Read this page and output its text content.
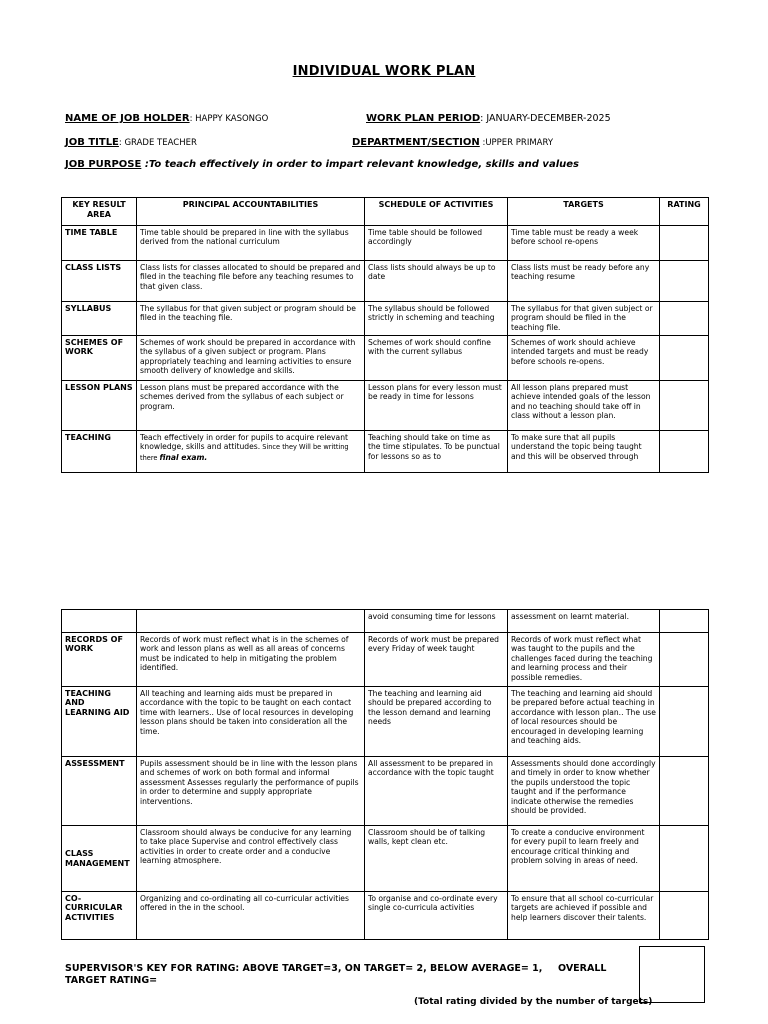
INDIVIDUAL WORK PLAN
NAME OF JOB HOLDER: HAPPY KASONGO	WORK PLAN PERIOD: JANUARY-DECEMBER-2025
JOB TITLE: GRADE TEACHER	DEPARTMENT/SECTION :UPPER PRIMARY
JOB PURPOSE :To teach effectively in order to impart relevant knowledge, skills and values
KEY RESULT AREA	PRINCIPAL ACCOUNTABILITIES	SCHEDULE OF ACTIVITIES	TARGETS	RATING
TIME TABLE	Time table should be prepared in line with the syllabus derived from the national curriculum	Time table should be followed accordingly	Time table must be ready a week before school re-opens	
CLASS LISTS	Class lists for classes allocated to should be prepared and filed in the teaching file before any teaching resumes to that given class.	Class lists should always be up to date	Class lists must be ready before any teaching resume	
SYLLABUS	The syllabus for that given subject or program should be filed in the teaching file.	The syllabus should be followed strictly in scheming and teaching	The syllabus for that given subject or program should be filed in the teaching file.	
SCHEMES OF WORK	Schemes of work should be prepared in accordance with the syllabus of a given subject or program. Plans appropriately teaching and learning activities to ensure smooth delivery of knowledge and skills.	Schemes of work should confine with the current syllabus	Schemes of work should achieve intended targets and must be ready before schools re-opens.	
LESSON PLANS	Lesson plans must be prepared accordance with the schemes derived from the syllabus of each subject or program.	Lesson plans for every lesson must be ready in time for lessons	All lesson plans prepared must achieve intended goals of the lesson and no teaching should take off in class without a lesson plan.	
TEACHING	Teach effectively in order for pupils to acquire relevant knowledge, skills and attitudes. Since they Will be writting there final exam.	Teaching should take on time as the time stipulates. To be punctual for lessons so as to	To make sure that all pupils understand the topic being taught and this will be observed through	
		avoid consuming time for lessons	assessment on learnt material.	
RECORDS OF WORK	Records of work must reflect what is in the schemes of work and lesson plans as well as all areas of concerns must be indicated to help in mitigating the problem identified.	Records of work must be prepared every Friday of week taught	Records of work must reflect what was taught to the pupils and the challenges faced during the teaching and learning process and their possible remedies.	
TEACHING AND LEARNING AID	All teaching and learning aids must be prepared in accordance with the topic to be taught on each contact time with learners.. Use of local resources in developing lesson plans should be taken into consideration all the time.	The teaching and learning aid should be prepared according to the lesson demand and learning needs	The teaching and learning aid should be prepared before actual teaching in accordance with lesson plan.. The use of local resources should be encouraged in developing learning and teaching aids.	
ASSESSMENT	Pupils assessment should be in line with the lesson plans and schemes of work on both formal and informal assessment Assesses regularly the performance of pupils in order to determine and supply appropriate interventions.	All assessment to be prepared in accordance with the topic taught	Assessments should done accordingly and timely in order to know whether the pupils understood the topic taught and if the performance indicate otherwise the remedies should be provided.	
CLASS MANAGEMENT	Classroom should always be conducive for any learning to take place Supervise and control effectively class activities in order to create order and a conducive learning atmosphere.	Classroom should be of talking walls, kept clean etc.	To create a conducive environment for every pupil to learn freely and encourage critical thinking and problem solving in areas of need.	
CO-CURRICULAR ACTIVITIES	Organizing and co-ordinating all co-curricular activities offered in the in the school.	To organise and co-ordinate every single co-curricula activities	To ensure that all school co-curricular targets are achieved if possible and help learners discover their talents.	
SUPERVISOR'S KEY FOR RATING: ABOVE TARGET=3, ON TARGET= 2, BELOW AVERAGE= 1, OVERALL
TARGET RATING=
(Total rating divided by the number of targets)
